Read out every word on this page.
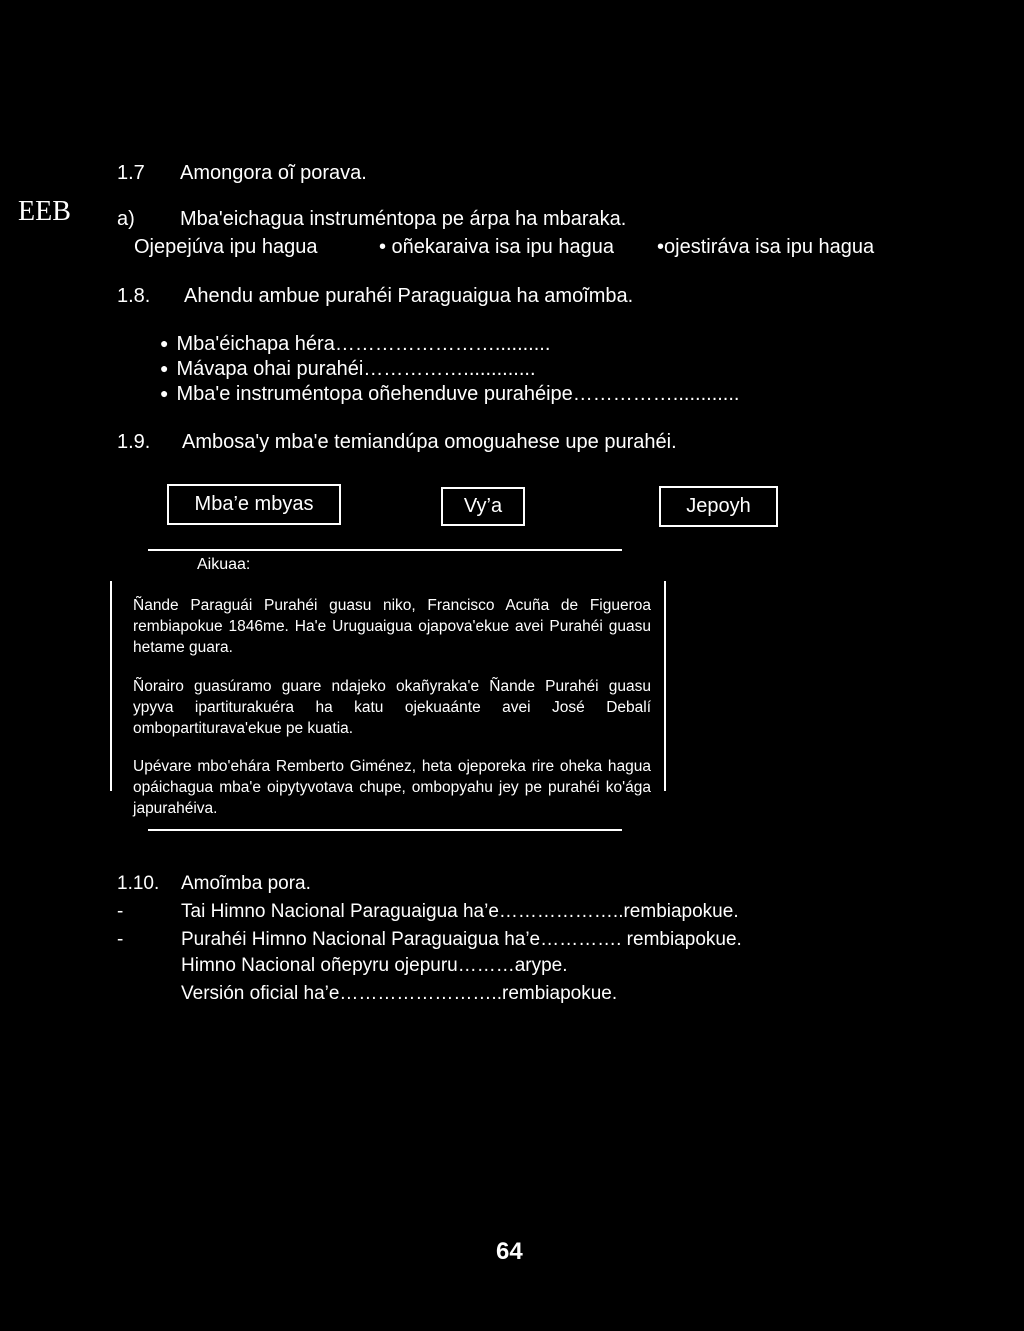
EEB
1.7 Amongora oĩ porava.
a) Mba'eichagua instruméntopa pe árpa ha mbaraka.
Ojepejúva ipu hagua	• oñekaraiva isa ipu hagua •ojestiráva isa ipu hagua
1.8. Ahendu ambue purahéi Paraguaigua ha amoĩmba.
● Mba'éichapa héra……………………..........
● Mávapa ohai purahéi…………….............
● Mba'e instruméntopa oñehenduve purahéipe……………............
1.9. Ambosa'y mba'e temiandúpa omoguahese upe purahéi.
Mba’e mbyas	Vy’a	Jepoyh
Aikuaa:
Ñande Paraguái Purahéi guasu niko, Francisco Acuña de Figueroa rembiapokue 1846me. Ha'e Uruguaigua ojapova'ekue avei Purahéi guasu hetame guara.
Ñorairo guasúramo guare ndajeko okañyraka'e Ñande Purahéi guasu ypyva ipartiturakuéra ha katu ojekuaánte avei José Debalí ombopartiturava'ekue pe kuatia.
Upévare mbo'ehára Remberto Giménez, heta ojeporeka rire oheka hagua opáichagua mba'e oipytyvotava chupe, ombopyahu jey pe purahéi ko'ága japurahéiva.
1.10. Amoĩmba pora.
-	Tai Himno Nacional Paraguaigua ha’e………………..rembiapokue.
-	Purahéi Himno Nacional Paraguaigua ha’e…………. rembiapokue.
Himno Nacional oñepyru ojepuru………arype.
Versión oficial ha’e……………………..rembiapokue.
64
